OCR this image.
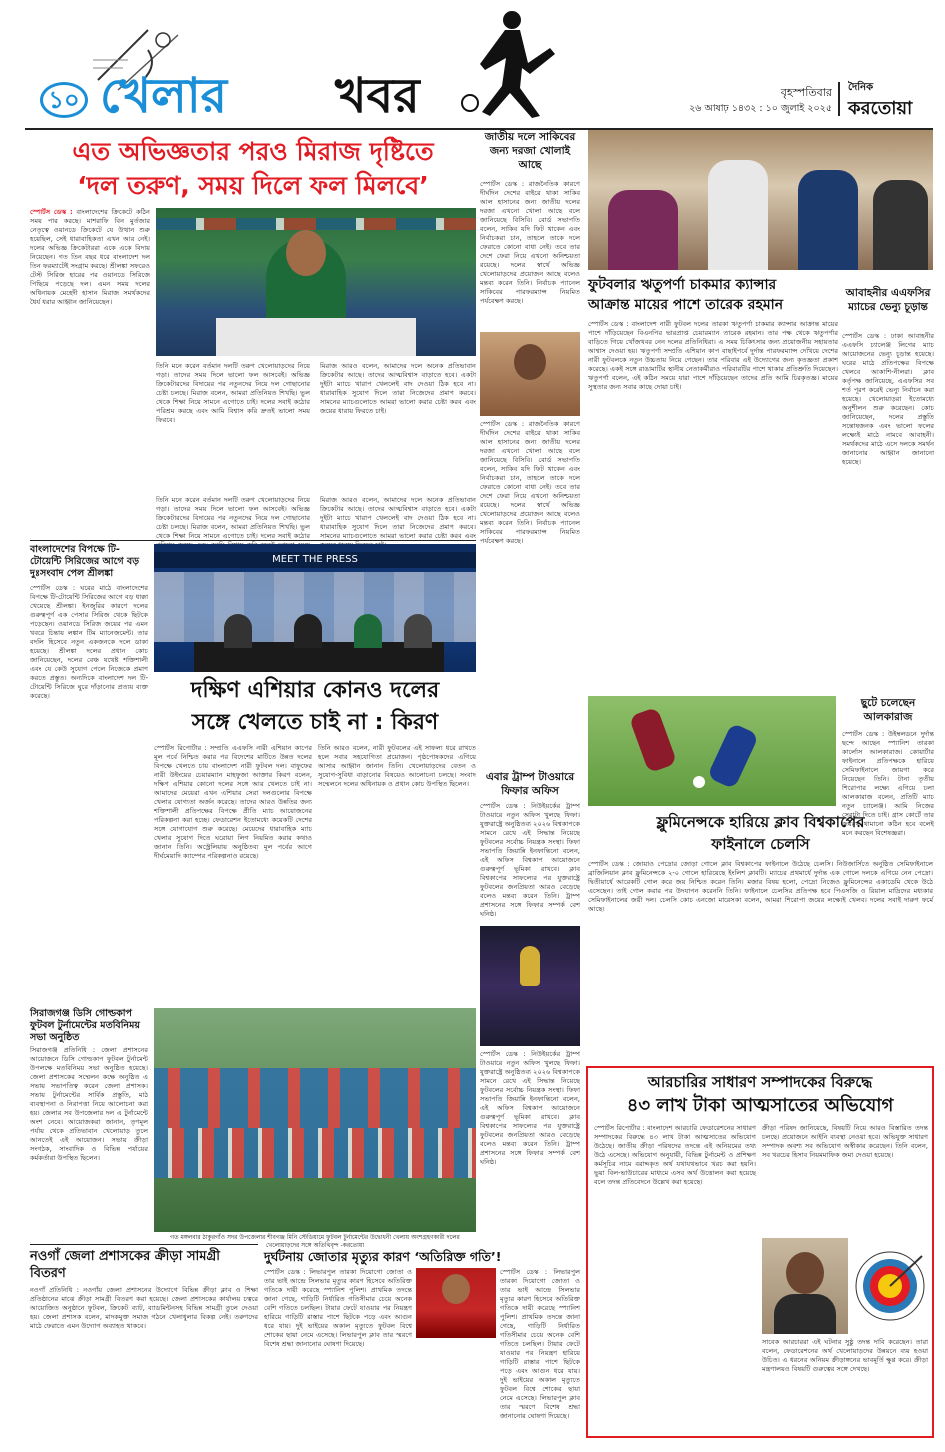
১০ খেলার খবর	বৃহস্পতিবার
২৬ আষাঢ় ১৪৩২ : ১০ জুলাই ২০২৫
দৈনিক
করতোয়া
এত অভিজ্ঞতার পরও মিরাজ দৃষ্টিতে
‘দল তরুণ, সময় দিলে ফল মিলবে’
স্পোর্টস ডেস্ক : বাংলাদেশের ক্রিকেটে কঠিন সময় পার করছে। মাশরাফি বিন মুর্তজার নেতৃত্বে ওয়ানডে ক্রিকেটে যে উত্থান শুরু হয়েছিল, সেই ধারাবাহিকতা এখন আর নেই। দলের অভিজ্ঞ ক্রিকেটাররা একে একে বিদায় নিয়েছেন। গত তিন বছর ধরে বাংলাদেশ দল তিন ফরম্যাটেই সংগ্রাম করছে। শ্রীলঙ্কা সফরেও টেস্ট সিরিজ হারের পর ওয়ানডে সিরিজে পিছিয়ে পড়েছে দল। এমন সময় দলের অধিনায়ক মেহেদী হাসান মিরাজ সমর্থকদের ধৈর্য ধরার আহ্বান জানিয়েছেন।
তিনি মনে করেন বর্তমান দলটি তরুণ খেলোয়াড়দের নিয়ে গড়া। তাদের সময় দিলে ভালো ফল আসবেই। অভিজ্ঞ ক্রিকেটারদের বিদায়ের পর নতুনদের নিয়ে দল গোছানোর চেষ্টা চলছে। মিরাজ বলেন, আমরা প্রতিনিয়ত শিখছি। ভুল থেকে শিক্ষা নিয়ে সামনে এগোতে চাই। দলের সবাই কঠোর পরিশ্রম করছে এবং আমি বিশ্বাস করি দ্রুতই ভালো সময় ফিরবে।
মিরাজ আরও বলেন, আমাদের দলে অনেক প্রতিভাবান ক্রিকেটার আছে। তাদের আত্মবিশ্বাস বাড়াতে হবে। একটা দুইটা ম্যাচে খারাপ খেললেই বাদ দেওয়া ঠিক হবে না। ধারাবাহিক সুযোগ দিলে তারা নিজেদের প্রমাণ করবে। সামনের ম্যাচগুলোতে আমরা ভালো করার চেষ্টা করব এবং জয়ের ধারায় ফিরতে চাই।
তিনি মনে করেন বর্তমান দলটি তরুণ খেলোয়াড়দের নিয়ে গড়া। তাদের সময় দিলে ভালো ফল আসবেই। অভিজ্ঞ ক্রিকেটারদের বিদায়ের পর নতুনদের নিয়ে দল গোছানোর চেষ্টা চলছে। মিরাজ বলেন, আমরা প্রতিনিয়ত শিখছি। ভুল থেকে শিক্ষা নিয়ে সামনে এগোতে চাই। দলের সবাই কঠোর
মিরাজ আরও বলেন, আমাদের দলে অনেক প্রতিভাবান ক্রিকেটার আছে। তাদের আত্মবিশ্বাস বাড়াতে হবে। একটা দুইটা ম্যাচে খারাপ খেললেই বাদ দেওয়া ঠিক হবে না। ধারাবাহিক সুযোগ দিলে তারা নিজেদের প্রমাণ করবে। সামনের ম্যাচগুলোতে আমরা ভালো করার চেষ্টা করব এবং
বাংলাদেশের বিপক্ষে টি-টোয়েন্টি সিরিজের আগে বড় দুঃসংবাদ পেল শ্রীলঙ্কা
স্পোর্টস ডেস্ক : ঘরের মাঠে বাংলাদেশের বিপক্ষে টি-টোয়েন্টি সিরিজের আগে বড় ধাক্কা খেয়েছে শ্রীলঙ্কা। ইনজুরির কারণে দলের গুরুত্বপূর্ণ এক পেসার সিরিজ থেকে ছিটকে পড়েছেন। ওয়ানডে সিরিজ জয়ের পর এমন খবরে চিন্তায় লঙ্কান টিম ম্যানেজমেন্ট। তার বদলি হিসেবে নতুন একজনকে দলে ডাকা হয়েছে। শ্রীলঙ্কা দলের প্রধান কোচ জানিয়েছেন, দলের বেঞ্চ যথেষ্ট শক্তিশালী এবং যে কেউ সুযোগ পেলে নিজেকে প্রমাণ করতে প্রস্তুত। অন্যদিকে বাংলাদেশ দল টি-টোয়েন্টি সিরিজে ঘুরে দাঁড়ানোর প্রত্যয় ব্যক্ত করেছে।
MEET THE PRESS
দক্ষিণ এশিয়ার কোনও দলের
সঙ্গে খেলতে চাই না : কিরণ
স্পোর্টস রিপোর্টার : সম্প্রতি এএফসি নারী এশিয়ান কাপের মূল পর্বে নিশ্চিত করার পর বিদেশের মাটিতে উন্নত দলের বিপক্ষে খেলতে চায় বাংলাদেশ নারী ফুটবল দল। বাফুফের নারী উইংয়ের চেয়ারম্যান মাহফুজা আক্তার কিরণ বলেন, দক্ষিণ এশিয়ার কোনো দলের সঙ্গে আর খেলতে চাই না। আমাদের মেয়েরা এখন এশিয়ার সেরা দলগুলোর বিপক্ষে খেলার যোগ্যতা অর্জন করেছে। তাদের আরও উন্নতির জন্য শক্তিশালী প্রতিপক্ষের বিপক্ষে প্রীতি ম্যাচ আয়োজনের পরিকল্পনা করা হচ্ছে। ফেডারেশন ইতোমধ্যে কয়েকটি দেশের সঙ্গে যোগাযোগ শুরু করেছে। মেয়েদের ধারাবাহিক ম্যাচ খেলার সুযোগ দিতে ঘরোয়া লিগ নিয়মিত করার কথাও জানান তিনি। অস্ট্রেলিয়ায় অনুষ্ঠিতব্য মূল পর্বের আগে দীর্ঘমেয়াদি ক্যাম্পের পরিকল্পনাও রয়েছে।
তিনি আরও বলেন, নারী ফুটবলের এই সাফল্য ধরে রাখতে হলে সবার সহযোগিতা প্রয়োজন। পৃষ্ঠপোষকদের এগিয়ে আসার আহ্বান জানান তিনি। খেলোয়াড়দের বেতন ও সুযোগ-সুবিধা বাড়ানোর বিষয়েও আলোচনা চলছে। সংবাদ সম্মেলনে দলের অধিনায়ক ও প্রধান কোচ উপস্থিত ছিলেন।
সিরাজগঞ্জ ডিসি গোল্ডকাপ ফুটবল টুর্নামেন্টের মতবিনিময় সভা অনুষ্ঠিত
সিরাজগঞ্জ প্রতিনিধি : জেলা প্রশাসনের আয়োজনে ডিসি গোল্ডকাপ ফুটবল টুর্নামেন্ট উপলক্ষে মতবিনিময় সভা অনুষ্ঠিত হয়েছে। জেলা প্রশাসকের সম্মেলন কক্ষে অনুষ্ঠিত এ সভায় সভাপতিত্ব করেন জেলা প্রশাসক। সভায় টুর্নামেন্টের সার্বিক প্রস্তুতি, মাঠ ব্যবস্থাপনা ও নিরাপত্তা নিয়ে আলোচনা করা হয়। জেলার সব উপজেলার দল এ টুর্নামেন্টে অংশ নেবে। আয়োজকরা জানান, তৃণমূল পর্যায় থেকে প্রতিভাবান খেলোয়াড় তুলে আনতেই এই আয়োজন। সভায় ক্রীড়া সংগঠক, সাংবাদিক ও বিভিন্ন পর্যায়ের কর্মকর্তারা উপস্থিত ছিলেন।
গত মঙ্গলবার ঠাকুরগাঁও সদর উপজেলার শীবগঞ্জ মিনি স্টেডিয়ামে ফুটবল টুর্নামেন্টের উদ্বোধনী খেলায় অংশগ্রহণকারী দলের খেলোয়াড়দের সঙ্গে অতিথিবৃন্দ -করতোয়া
নওগাঁ জেলা প্রশাসকের ক্রীড়া সামগ্রী বিতরণ
নওগাঁ প্রতিনিধি : নওগাঁয় জেলা প্রশাসনের উদ্যোগে বিভিন্ন ক্রীড়া ক্লাব ও শিক্ষা প্রতিষ্ঠানের মাঝে ক্রীড়া সামগ্রী বিতরণ করা হয়েছে। জেলা প্রশাসকের কার্যালয় চত্বরে আয়োজিত অনুষ্ঠানে ফুটবল, ক্রিকেট ব্যাট, ব্যাডমিন্টনসহ বিভিন্ন সামগ্রী তুলে দেওয়া হয়। জেলা প্রশাসক বলেন, মাদকমুক্ত সমাজ গঠনে খেলাধুলার বিকল্প নেই। তরুণদের মাঠে ফেরাতে এমন উদ্যোগ অব্যাহত থাকবে।
দুর্ঘটনায় জোতার মৃত্যুর কারণ ‘অতিরিক্ত গতি’!
স্পোর্টস ডেস্ক : লিভারপুল তারকা দিয়োগো জোতা ও তার ভাই আন্দ্রে সিলভার মৃত্যুর কারণ হিসেবে অতিরিক্ত গতিকে দায়ী করেছে স্প্যানিশ পুলিশ। প্রাথমিক তদন্তে জানা গেছে, গাড়িটি নির্ধারিত গতিসীমার চেয়ে অনেক বেশি গতিতে চলছিল। টায়ার ফেটে যাওয়ার পর নিয়ন্ত্রণ হারিয়ে গাড়িটি রাস্তার পাশে ছিটকে পড়ে এবং আগুন ধরে যায়। দুই ভাইয়ের অকাল মৃত্যুতে ফুটবল বিশ্বে শোকের ছায়া নেমে এসেছে। লিভারপুল ক্লাব তার স্মরণে বিশেষ শ্রদ্ধা জানানোর ঘোষণা দিয়েছে।
স্পোর্টস ডেস্ক : লিভারপুল তারকা দিয়োগো জোতা ও তার ভাই আন্দ্রে সিলভার মৃত্যুর কারণ হিসেবে অতিরিক্ত গতিকে দায়ী করেছে স্প্যানিশ পুলিশ। প্রাথমিক তদন্তে জানা গেছে, গাড়িটি নির্ধারিত গতিসীমার চেয়ে অনেক বেশি গতিতে চলছিল। টায়ার ফেটে যাওয়ার পর নিয়ন্ত্রণ হারিয়ে গাড়িটি রাস্তার পাশে ছিটকে পড়ে এবং আগুন ধরে যায়। দুই ভাইয়ের অকাল মৃত্যুতে ফুটবল বিশ্বে শোকের ছায়া নেমে এসেছে। লিভারপুল ক্লাব তার স্মরণে বিশেষ শ্রদ্ধা জানানোর ঘোষণা দিয়েছে।
জাতীয় দলে সাকিবের জন্য দরজা খোলাই আছে
স্পোর্টস ডেস্ক : রাজনৈতিক কারণে দীর্ঘদিন দেশের বাইরে থাকা সাকিব আল হাসানের জন্য জাতীয় দলের দরজা এখনো খোলা আছে বলে জানিয়েছে বিসিবি। বোর্ড সভাপতি বলেন, সাকিব যদি ফিট থাকেন এবং নির্বাচকরা চান, তাহলে তাকে দলে ফেরাতে কোনো বাধা নেই। তবে তার দেশে ফেরা নিয়ে এখনো অনিশ্চয়তা রয়েছে। দলের স্বার্থে অভিজ্ঞ খেলোয়াড়দের প্রয়োজন আছে বলেও মন্তব্য করেন তিনি। নির্বাচক প্যানেল সাকিবের পারফরম্যান্স নিয়মিত পর্যবেক্ষণ করছে।
স্পোর্টস ডেস্ক : রাজনৈতিক কারণে দীর্ঘদিন দেশের বাইরে থাকা সাকিব আল হাসানের জন্য জাতীয় দলের দরজা এখনো খোলা আছে বলে জানিয়েছে বিসিবি। বোর্ড সভাপতি বলেন, সাকিব যদি ফিট থাকেন এবং নির্বাচকরা চান, তাহলে তাকে দলে ফেরাতে কোনো বাধা নেই। তবে তার দেশে ফেরা নিয়ে এখনো অনিশ্চয়তা রয়েছে। দলের স্বার্থে অভিজ্ঞ খেলোয়াড়দের প্রয়োজন আছে বলেও মন্তব্য করেন তিনি। নির্বাচক প্যানেল সাকিবের পারফরম্যান্স নিয়মিত পর্যবেক্ষণ করছে।
এবার ট্রাম্প টাওয়ারে ফিফার অফিস
স্পোর্টস ডেস্ক : নিউইয়র্কের ট্রাম্প টাওয়ারে নতুন অফিস খুলছে ফিফা। যুক্তরাষ্ট্রে অনুষ্ঠিতব্য ২০২৬ বিশ্বকাপকে সামনে রেখে এই সিদ্ধান্ত নিয়েছে ফুটবলের সর্বোচ্চ নিয়ন্ত্রক সংস্থা। ফিফা সভাপতি জিয়ান্নি ইনফান্তিনো বলেন, এই অফিস বিশ্বকাপ আয়োজনে গুরুত্বপূর্ণ ভূমিকা রাখবে। ক্লাব বিশ্বকাপের সাফল্যের পর যুক্তরাষ্ট্রে ফুটবলের জনপ্রিয়তা আরও বেড়েছে বলেও মন্তব্য করেন তিনি। ট্রাম্প প্রশাসনের সঙ্গে ফিফার সম্পর্ক বেশ ঘনিষ্ঠ।
স্পোর্টস ডেস্ক : নিউইয়র্কের ট্রাম্প টাওয়ারে নতুন অফিস খুলছে ফিফা। যুক্তরাষ্ট্রে অনুষ্ঠিতব্য ২০২৬ বিশ্বকাপকে সামনে রেখে এই সিদ্ধান্ত নিয়েছে ফুটবলের সর্বোচ্চ নিয়ন্ত্রক সংস্থা। ফিফা সভাপতি জিয়ান্নি ইনফান্তিনো বলেন, এই অফিস বিশ্বকাপ আয়োজনে গুরুত্বপূর্ণ ভূমিকা রাখবে। ক্লাব বিশ্বকাপের সাফল্যের পর যুক্তরাষ্ট্রে ফুটবলের জনপ্রিয়তা আরও বেড়েছে বলেও মন্তব্য করেন তিনি। ট্রাম্প প্রশাসনের সঙ্গে ফিফার সম্পর্ক বেশ ঘনিষ্ঠ।
ফুটবলার ঋতুপর্ণা চাকমার ক্যান্সার
আক্রান্ত মায়ের পাশে তারেক রহমান
স্পোর্টস ডেস্ক : বাংলাদেশ নারী ফুটবল দলের তারকা ঋতুপর্ণা চাকমার ক্যান্সার আক্রান্ত মায়ের পাশে দাঁড়িয়েছেন বিএনপির ভারপ্রাপ্ত চেয়ারম্যান তারেক রহমান। তার পক্ষ থেকে ঋতুপর্ণার বাড়িতে গিয়ে খোঁজখবর নেন দলের প্রতিনিধিরা। এ সময় চিকিৎসার জন্য প্রয়োজনীয় সহায়তার আশ্বাস দেওয়া হয়। ঋতুপর্ণা সম্প্রতি এশিয়ান কাপ বাছাইপর্বে দুর্দান্ত পারফরম্যান্স দেখিয়ে দেশের নারী ফুটবলকে নতুন উচ্চতায় নিয়ে গেছেন। তার পরিবার এই উদ্যোগের জন্য কৃতজ্ঞতা প্রকাশ করেছে। একই সঙ্গে রাঙামাটির স্থানীয় নেতাকর্মীরাও পরিবারটির পাশে থাকার প্রতিশ্রুতি দিয়েছেন। ঋতুপর্ণা বলেন, এই কঠিন সময়ে যারা পাশে দাঁড়িয়েছেন তাদের প্রতি আমি চিরকৃতজ্ঞ। মায়ের সুস্থতার জন্য সবার কাছে দোয়া চাই।
আবাহনীর এএফসির ম্যাচের ভেন্যু চূড়ান্ত
স্পোর্টস ডেস্ক : ঢাকা আবাহনীর এএফসি চ্যালেঞ্জ লিগের ম্যাচ আয়োজনের ভেন্যু চূড়ান্ত হয়েছে। ঘরের মাঠে প্রতিপক্ষের বিপক্ষে খেলবে আকাশি-নীলরা। ক্লাব কর্তৃপক্ষ জানিয়েছে, এএফসির সব শর্ত পূরণ করেই ভেন্যু নির্বাচন করা হয়েছে। খেলোয়াড়রা ইতোমধ্যে অনুশীলন শুরু করেছেন। কোচ জানিয়েছেন, দলের প্রস্তুতি সন্তোষজনক এবং ভালো ফলের লক্ষ্যেই মাঠে নামবে আবাহনী। সমর্থকদের মাঠে এসে দলকে সমর্থন জানানোর আহ্বান জানানো হয়েছে।
ফ্লুমিনেন্সকে হারিয়ে ক্লাব বিশ্বকাপের
ফাইনালে চেলসি
স্পোর্টস ডেস্ক : জোয়াও পেদ্রোর জোড়া গোলে ক্লাব বিশ্বকাপের ফাইনালে উঠেছে চেলসি। নিউজার্সিতে অনুষ্ঠিত সেমিফাইনালে ব্রাজিলিয়ান ক্লাব ফ্লুমিনেন্সকে ২-০ গোলে হারিয়েছে ইংলিশ ক্লাবটি। ম্যাচের প্রথমার্ধে দুর্দান্ত এক গোলে দলকে এগিয়ে নেন পেদ্রো। দ্বিতীয়ার্ধে আরেকটি গোল করে জয় নিশ্চিত করেন তিনি। মজার বিষয় হলো, পেদ্রো নিজেও ফ্লুমিনেন্সের একাডেমি থেকে উঠে এসেছেন। তাই গোল করার পর উদযাপন করেননি তিনি। ফাইনালে চেলসির প্রতিপক্ষ হবে পিএসজি ও রিয়াল মাদ্রিদের মধ্যকার সেমিফাইনালের জয়ী দল। চেলসি কোচ এনজো মারেসকা বলেন, আমরা শিরোপা জয়ের লক্ষ্যেই খেলব। দলের সবাই দারুণ ফর্মে আছে।
ছুটে চলেছেন আলকারাজ
স্পোর্টস ডেস্ক : উইম্বলডনে দুর্দান্ত ছন্দে আছেন স্প্যানিশ তারকা কার্লোস আলকারাজ। কোয়ার্টার ফাইনালে প্রতিপক্ষকে হারিয়ে সেমিফাইনালে জায়গা করে নিয়েছেন তিনি। টানা তৃতীয় শিরোপার লক্ষ্যে এগিয়ে চলা আলকারাজ বলেন, প্রতিটি ম্যাচ নতুন চ্যালেঞ্জ। আমি নিজের সেরাটা দিতে চাই। গ্রাস কোর্টে তার জয়রথ থামানো কঠিন হবে বলেই মনে করছেন বিশেষজ্ঞরা।
আরচারির সাধারণ সম্পাদকের বিরুদ্ধে
৪৩ লাখ টাকা আত্মসাতের অভিযোগ
স্পোর্টস রিপোর্টার : বাংলাদেশ আরচারি ফেডারেশনের সাধারণ সম্পাদকের বিরুদ্ধে ৪৩ লাখ টাকা আত্মসাতের অভিযোগ উঠেছে। জাতীয় ক্রীড়া পরিষদের তদন্তে এই অনিয়মের তথ্য উঠে এসেছে। অভিযোগ অনুযায়ী, বিভিন্ন টুর্নামেন্ট ও প্রশিক্ষণ কর্মসূচির নামে বরাদ্দকৃত অর্থ যথাযথভাবে খরচ করা হয়নি। ভুয়া বিল-ভাউচারের মাধ্যমে এসব অর্থ উত্তোলন করা হয়েছে বলে তদন্ত প্রতিবেদনে উল্লেখ করা হয়েছে।
ক্রীড়া পরিষদ জানিয়েছে, বিষয়টি নিয়ে আরও বিস্তারিত তদন্ত চলছে। প্রয়োজনে আইনি ব্যবস্থা নেওয়া হবে। অভিযুক্ত সাধারণ সম্পাদক অবশ্য সব অভিযোগ অস্বীকার করেছেন। তিনি বলেন, সব খরচের হিসাব নিয়মমাফিক জমা দেওয়া হয়েছে।
সাবেক আরচাররা এই ঘটনার সুষ্ঠু তদন্ত দাবি করেছেন। তারা বলেন, ফেডারেশনের অর্থ খেলোয়াড়দের উন্নয়নে ব্যয় হওয়া উচিত। এ ধরনের অনিয়ম ক্রীড়াঙ্গনের ভাবমূর্তি ক্ষুণ্ণ করে। ক্রীড়া মন্ত্রণালয়ও বিষয়টি গুরুত্বের সঙ্গে দেখছে।
